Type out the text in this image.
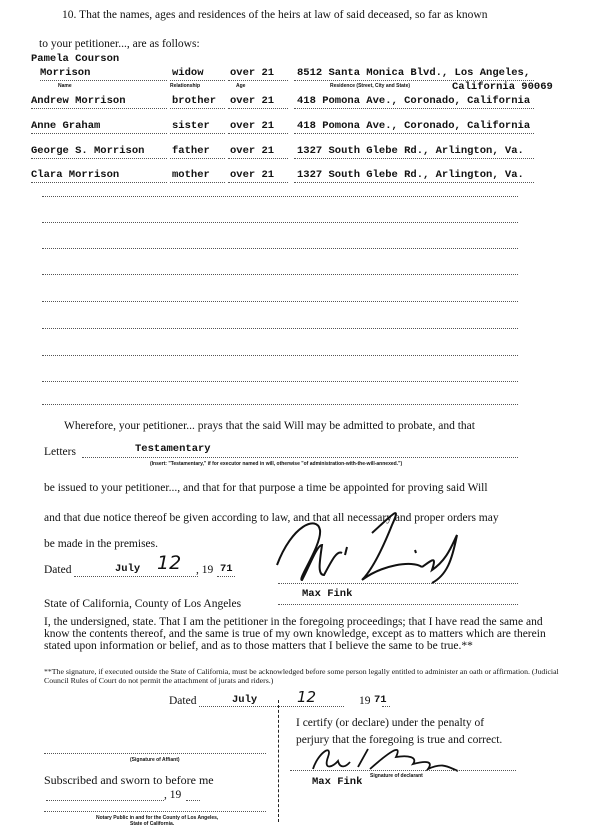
10. That the names, ages and residences of the heirs at law of said deceased, so far as known
to your petitioner..., are as follows:
Pamela Courson
Morrison	widow	over 21 8512 Santa Monica Blvd., Los Angeles,
California 90069
Name	Relationship	Age	Residence (Street, City and State)
Andrew Morrison	brother over 21 418 Pomona Ave., Coronado, California
Anne Graham	sister over 21 418 Pomona Ave., Coronado, California
George S. Morrison	father over 21 1327 South Glebe Rd., Arlington, Va.
Clara Morrison	mother over 21 1327 South Glebe Rd., Arlington, Va.
Wherefore, your petitioner... prays that the said Will may be admitted to probate, and that
Letters	Testamentary
(Insert: "Testamentary," if for executor named in will, otherwise "of administration-with-the-will-annexed.")
be issued to your petitioner..., and that for that purpose a time be appointed for proving said Will
and that due notice thereof be given according to law, and that all necessary and proper orders may
be made in the premises.
Dated	July 12 , 19 71
Max Fink
State of California, County of Los Angeles
I, the undersigned, state. That I am the petitioner in the foregoing proceedings; that I have read the same and know the contents thereof, and the same is true of my own knowledge, except as to matters which are therein stated upon information or belief, and as to those matters that I believe the same to be true.**
**The signature, if executed outside the State of California, must be acknowledged before some person legally entitled to administer an oath or affirmation. (Judicial Council Rules of Court do not permit the attachment of jurats and riders.)
Dated	July	12	19 71
I certify (or declare) under the penalty of
perjury that the foregoing is true and correct.
Max Fink Signature of declarant
(Signature of Affiant)
Subscribed and sworn to before me
, 19
Notary Public in and for the County of Los Angeles,
State of California.
